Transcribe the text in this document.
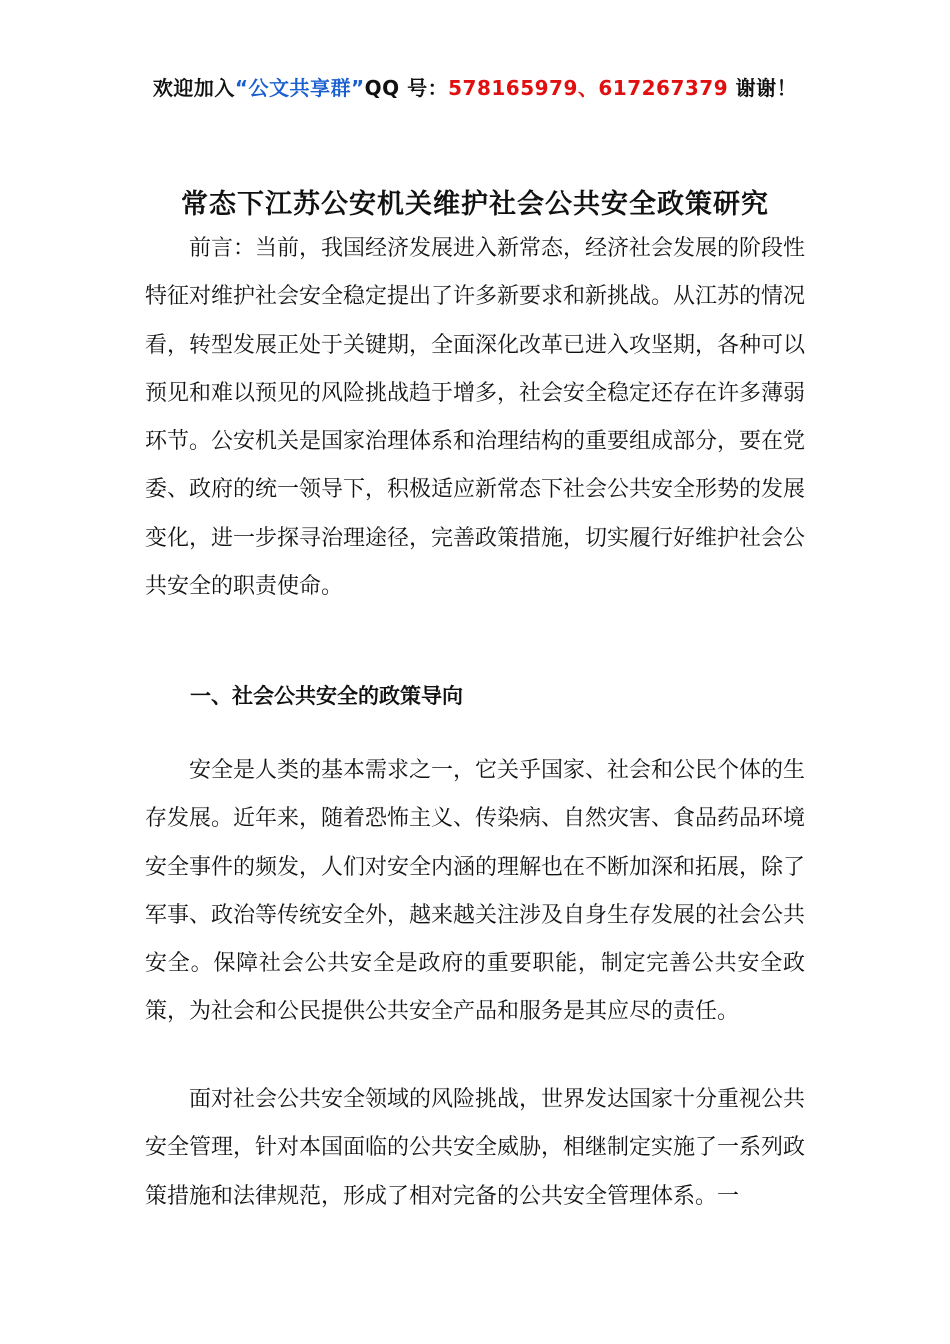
欢迎加入“公文共享群”QQ 号：578165979、617267379 谢谢！
常态下江苏公安机关维护社会公共安全政策研究
前言：当前，我国经济发展进入新常态，经济社会发展的阶段性特征对维护社会安全稳定提出了许多新要求和新挑战。从江苏的情况看，转型发展正处于关键期，全面深化改革已进入攻坚期，各种可以预见和难以预见的风险挑战趋于增多，社会安全稳定还存在许多薄弱环节。公安机关是国家治理体系和治理结构的重要组成部分，要在党委、政府的统一领导下，积极适应新常态下社会公共安全形势的发展变化，进一步探寻治理途径，完善政策措施，切实履行好维护社会公共安全的职责使命。
一、社会公共安全的政策导向
安全是人类的基本需求之一，它关乎国家、社会和公民个体的生存发展。近年来，随着恐怖主义、传染病、自然灾害、食品药品环境安全事件的频发，人们对安全内涵的理解也在不断加深和拓展，除了军事、政治等传统安全外，越来越关注涉及自身生存发展的社会公共安全。保障社会公共安全是政府的重要职能，制定完善公共安全政策，为社会和公民提供公共安全产品和服务是其应尽的责任。
面对社会公共安全领域的风险挑战，世界发达国家十分重视公共安全管理，针对本国面临的公共安全威胁，相继制定实施了一系列政策措施和法律规范，形成了相对完备的公共安全管理体系。一
